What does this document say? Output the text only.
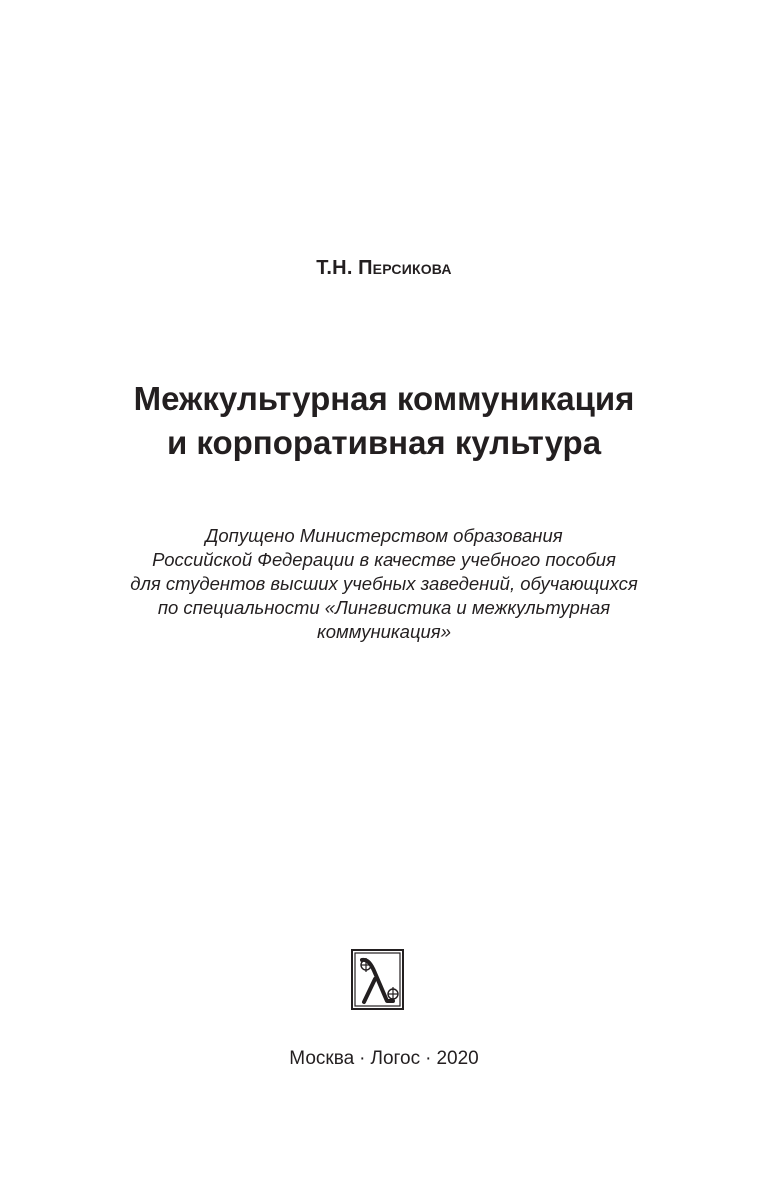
Т.Н. Персикова
Межкультурная коммуникация
и корпоративная культура
Допущено Министерством образования
Российской Федерации в качестве учебного пособия
для студентов высших учебных заведений, обучающихся
по специальности «Лингвистика и межкультурная
коммуникация»
Москва · Логос · 2020
